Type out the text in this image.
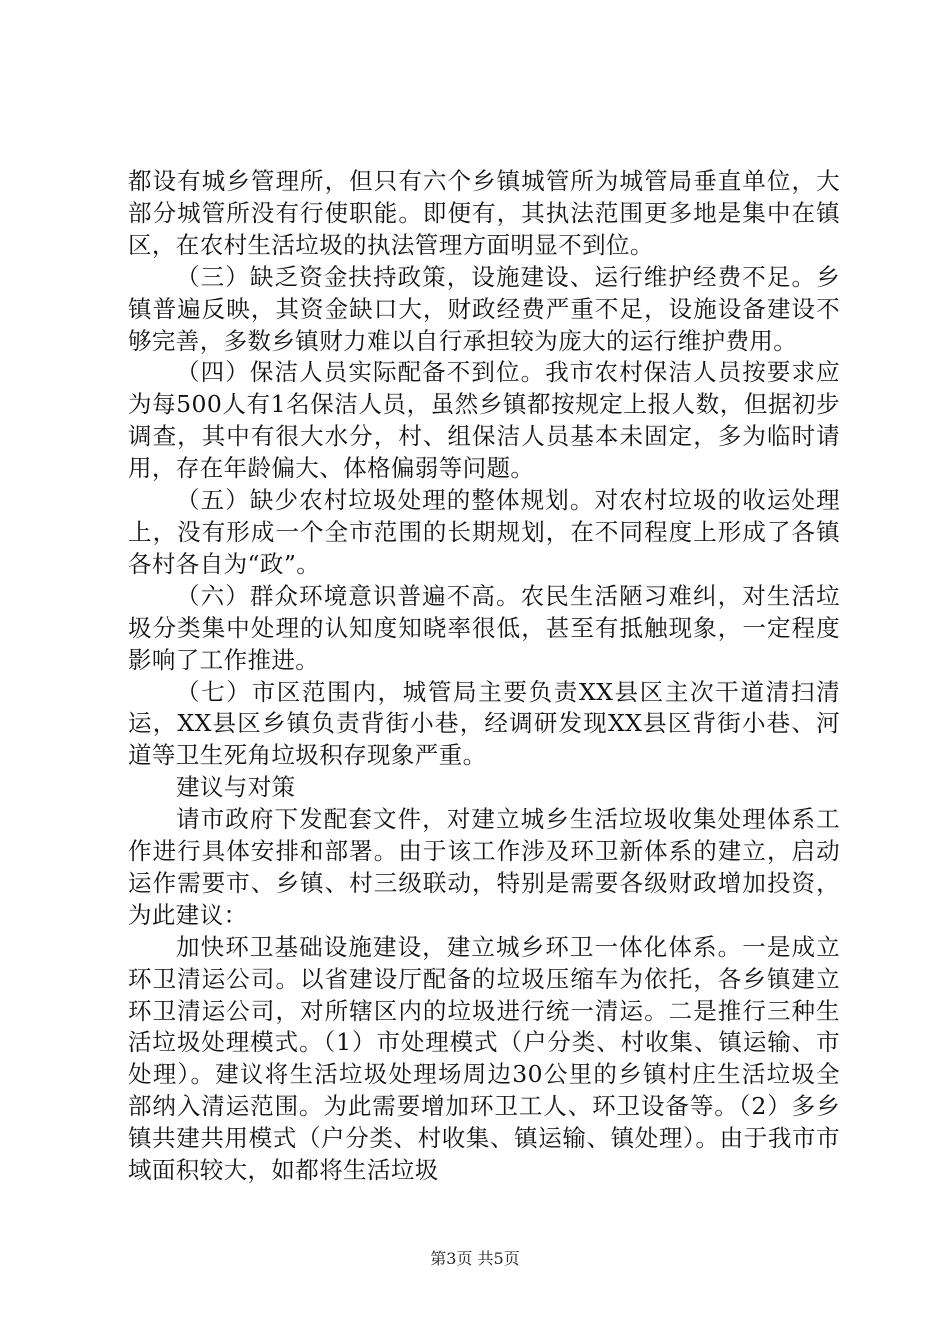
都设有城乡管理所，但只有六个乡镇城管所为城管局垂直单位，大部分城管所没有行使职能。即便有，其执法范围更多地是集中在镇区，在农村生活垃圾的执法管理方面明显不到位。

（三）缺乏资金扶持政策，设施建设、运行维护经费不足。乡镇普遍反映，其资金缺口大，财政经费严重不足，设施设备建设不够完善，多数乡镇财力难以自行承担较为庞大的运行维护费用。

（四）保洁人员实际配备不到位。我市农村保洁人员按要求应为每500人有1名保洁人员，虽然乡镇都按规定上报人数，但据初步调查，其中有很大水分，村、组保洁人员基本未固定，多为临时请用，存在年龄偏大、体格偏弱等问题。

（五）缺少农村垃圾处理的整体规划。对农村垃圾的收运处理上，没有形成一个全市范围的长期规划，在不同程度上形成了各镇各村各自为“政”。

（六）群众环境意识普遍不高。农民生活陋习难纠，对生活垃圾分类集中处理的认知度知晓率很低，甚至有抵触现象，一定程度影响了工作推进。

（七）市区范围内，城管局主要负责XX县区主次干道清扫清运，XX县区乡镇负责背街小巷，经调研发现XX县区背街小巷、河道等卫生死角垃圾积存现象严重。

建议与对策

请市政府下发配套文件，对建立城乡生活垃圾收集处理体系工作进行具体安排和部署。由于该工作涉及环卫新体系的建立，启动运作需要市、乡镇、村三级联动，特别是需要各级财政增加投资，为此建议：

加快环卫基础设施建设，建立城乡环卫一体化体系。一是成立环卫清运公司。以省建设厅配备的垃圾压缩车为依托，各乡镇建立环卫清运公司，对所辖区内的垃圾进行统一清运。二是推行三种生活垃圾处理模式。（1）市处理模式（户分类、村收集、镇运输、市处理）。建议将生活垃圾处理场周边30公里的乡镇村庄生活垃圾全部纳入清运范围。为此需要增加环卫工人、环卫设备等。（2）多乡镇共建共用模式（户分类、村收集、镇运输、镇处理）。由于我市市域面积较大，如都将生活垃圾

第3页 共5页
